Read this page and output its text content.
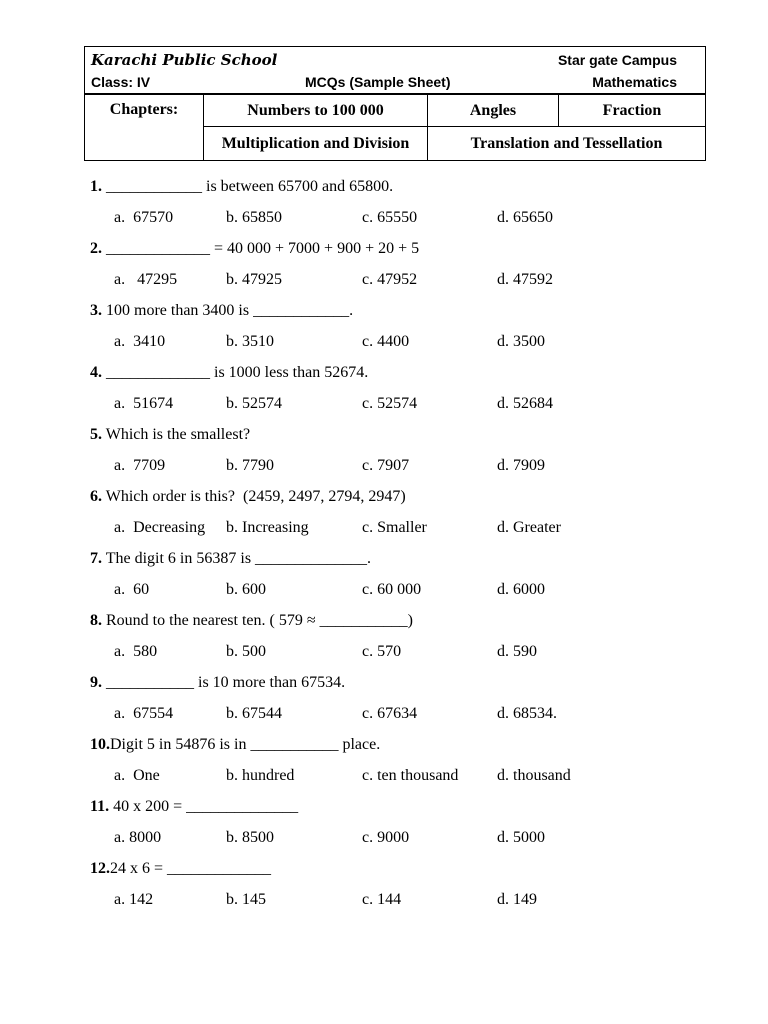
Karachi Public School	Star gate Campus
Class: IV	MCQs (Sample Sheet)	Mathematics
Chapters:	Numbers to 100 000	Angles	Fraction
	Multiplication and Division	Translation and Tessellation	
1. ____________ is between 65700 and 65800.
a.  67570	b. 65850	c. 65550	d. 65650
2. _____________ = 40 000 + 7000 + 900 + 20 + 5
a.   47295	b. 47925	c. 47952	d. 47592
3. 100 more than 3400 is ____________.
a.  3410	b. 3510	c. 4400	d. 3500
4. _____________ is 1000 less than 52674.
a.  51674	b. 52574	c. 52574	d. 52684
5. Which is the smallest?
a.  7709	b. 7790	c. 7907	d. 7909
6. Which order is this?  (2459, 2497, 2794, 2947)
a.  Decreasing b. Increasing	c. Smaller	d. Greater
7. The digit 6 in 56387 is ______________.
a.  60	b. 600	c. 60 000	d. 6000
8. Round to the nearest ten. ( 579 ≈ ___________)
a.  580	b. 500	c. 570	d. 590
9. ___________ is 10 more than 67534.
a.  67554	b. 67544	c. 67634	d. 68534.
10.Digit 5 in 54876 is in ___________ place.
a.  One	b. hundred	c. ten thousand d. thousand
11. 40 x 200 = ______________
a. 8000	b. 8500	c. 9000	d. 5000
12.24 x 6 = _____________
a. 142	b. 145	c. 144	d. 149
